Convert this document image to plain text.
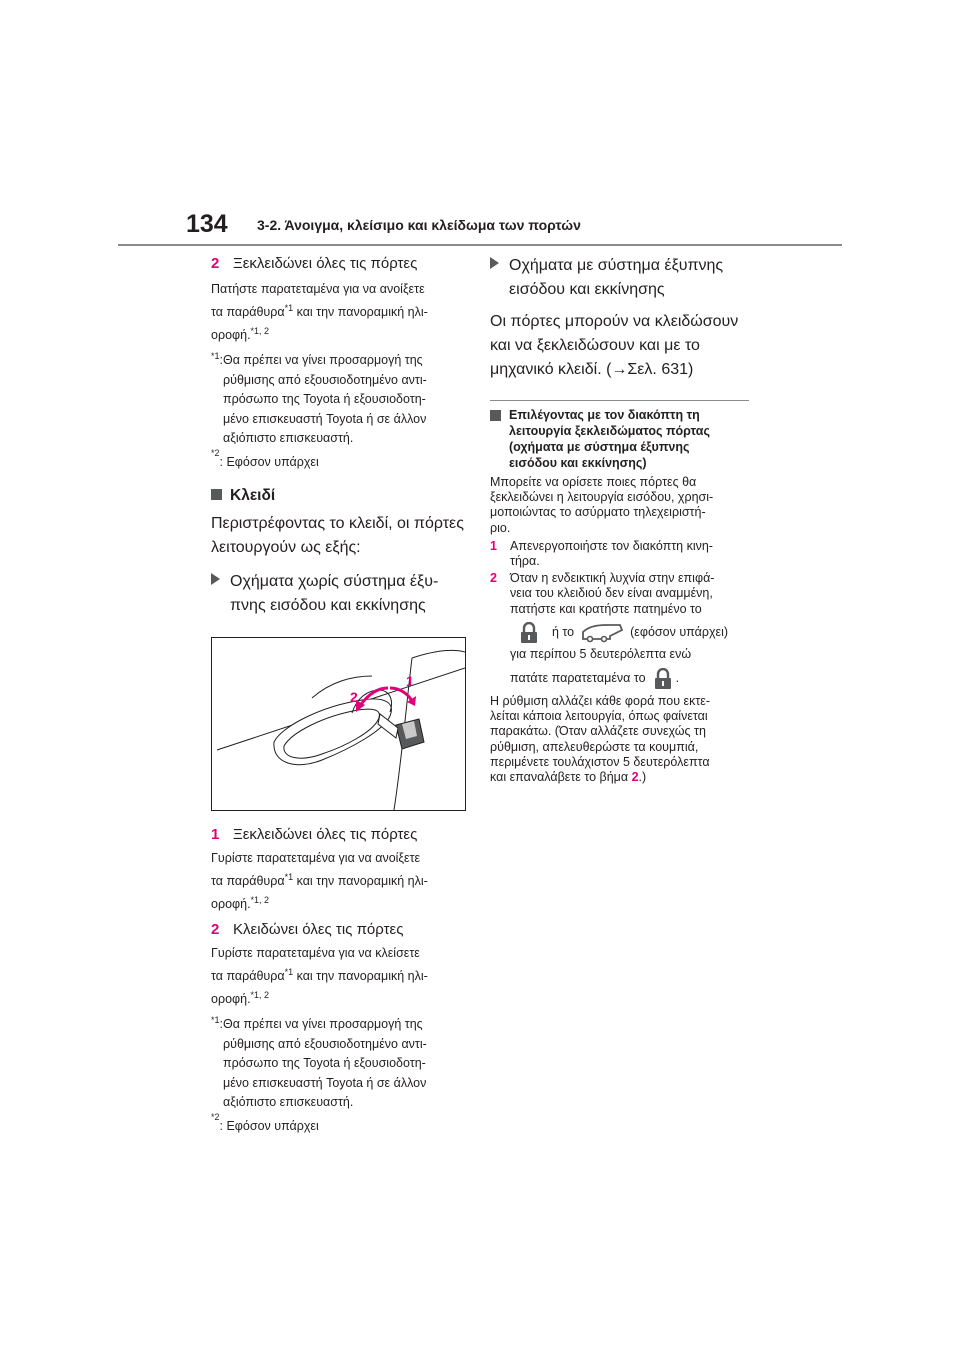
134 3-2. Άνοιγμα, κλείσιμο και κλείδωμα των πορτών
2 Ξεκλειδώνει όλες τις πόρτες
Πατήστε παρατεταμένα για να ανοίξετε
τα παράθυρα$^{*1}$ και την πανοραμική ηλι-
οροφή.$^{*1, 2}$
$^{*1}$: Θα πρέπει να γίνει προσαρμογή της
ρύθμισης από εξουσιοδοτημένο αντι-
πρόσωπο της Toyota ή εξουσιοδοτη-
μένο επισκευαστή Toyota ή σε άλλον
αξιόπιστο επισκευαστή.
*2
: Εφόσον υπάρχει
Κλειδί
Περιστρέφοντας το κλειδί, οι πόρτες
λειτουργούν ως εξής:
Οχήματα χωρίς σύστημα έξυ-
πνης εισόδου και εκκίνησης
2
1
1 Ξεκλειδώνει όλες τις πόρτες
Γυρίστε παρατεταμένα για να ανοίξετε
τα παράθυρα$^{*1}$ και την πανοραμική ηλι-
οροφή.$^{*1, 2}$
2 Κλειδώνει όλες τις πόρτες
Γυρίστε παρατεταμένα για να κλείσετε
τα παράθυρα$^{*1}$ και την πανοραμική ηλι-
οροφή.$^{*1, 2}$
$^{*1}$: Θα πρέπει να γίνει προσαρμογή της
ρύθμισης από εξουσιοδοτημένο αντι-
πρόσωπο της Toyota ή εξουσιοδοτη-
μένο επισκευαστή Toyota ή σε άλλον
αξιόπιστο επισκευαστή.
*2
: Εφόσον υπάρχει
Οχήματα με σύστημα έξυπνης
εισόδου και εκκίνησης
Οι πόρτες μπορούν να κλειδώσουν
και να ξεκλειδώσουν και με το
μηχανικό κλειδί. (→Σελ. 631)
Επιλέγοντας με τον διακόπτη τη
λειτουργία ξεκλειδώματος πόρτας
(οχήματα με σύστημα έξυπνης
εισόδου και εκκίνησης)
Μπορείτε να ορίσετε ποιες πόρτες θα
ξεκλειδώνει η λειτουργία εισόδου, χρησι-
μοποιώντας το ασύρματο τηλεχειριστή-
ριο.
1	Απενεργοποιήστε τον διακόπτη κινη-
τήρα.
2	Όταν η ενδεικτική λυχνία στην επιφά-
νεια του κλειδιού δεν είναι αναμμένη,
πατήστε και κρατήστε πατημένο το
ή το	(εφόσον υπάρχει)
για περίπου 5 δευτερόλεπτα ενώ
πατάτε παρατεταμένα το .
Η ρύθμιση αλλάζει κάθε φορά που εκτε-
λείται κάποια λειτουργία, όπως φαίνεται
παρακάτω. (Όταν αλλάζετε συνεχώς τη
ρύθμιση, απελευθερώστε τα κουμπιά,
περιμένετε τουλάχιστον 5 δευτερόλεπτα
και επαναλάβετε το βήμα 2.)
